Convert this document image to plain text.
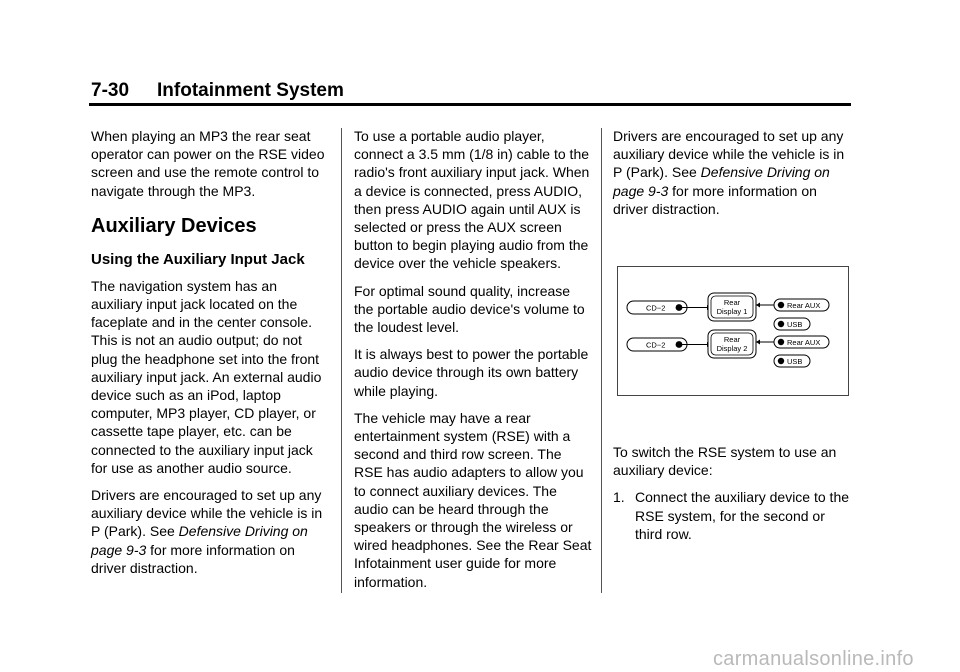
7-30 Infotainment System

When playing an MP3 the rear seat operator can power on the RSE video screen and use the remote control to navigate through the MP3.

Auxiliary Devices
Using the Auxiliary Input Jack

The navigation system has an auxiliary input jack located on the faceplate and in the center console. This is not an audio output; do not plug the headphone set into the front auxiliary input jack. An external audio device such as an iPod, laptop computer, MP3 player, CD player, or cassette tape player, etc. can be connected to the auxiliary input jack for use as another audio source.

Drivers are encouraged to set up any auxiliary device while the vehicle is in P (Park). See Defensive Driving on page 9‑3 for more information on driver distraction.

To use a portable audio player, connect a 3.5 mm (1/8 in) cable to the radio's front auxiliary input jack. When a device is connected, press AUDIO, then press AUDIO again until AUX is selected or press the AUX screen button to begin playing audio from the device over the vehicle speakers.

For optimal sound quality, increase the portable audio device's volume to the loudest level.

It is always best to power the portable audio device through its own battery while playing.

The vehicle may have a rear entertainment system (RSE) with a second and third row screen. The RSE has audio adapters to allow you to connect auxiliary devices. The audio can be heard through the speakers or through the wireless or wired headphones. See the Rear Seat Infotainment user guide for more information.

Drivers are encouraged to set up any auxiliary device while the vehicle is in P (Park). See Defensive Driving on page 9‑3 for more information on driver distraction.

CD−2
CD−2
Rear
Display 1
Rear
Display 2
Rear AUX
USB
Rear AUX
USB

To switch the RSE system to use an auxiliary device:

1. Connect the auxiliary device to the RSE system, for the second or third row.
carmanualsonline.info
